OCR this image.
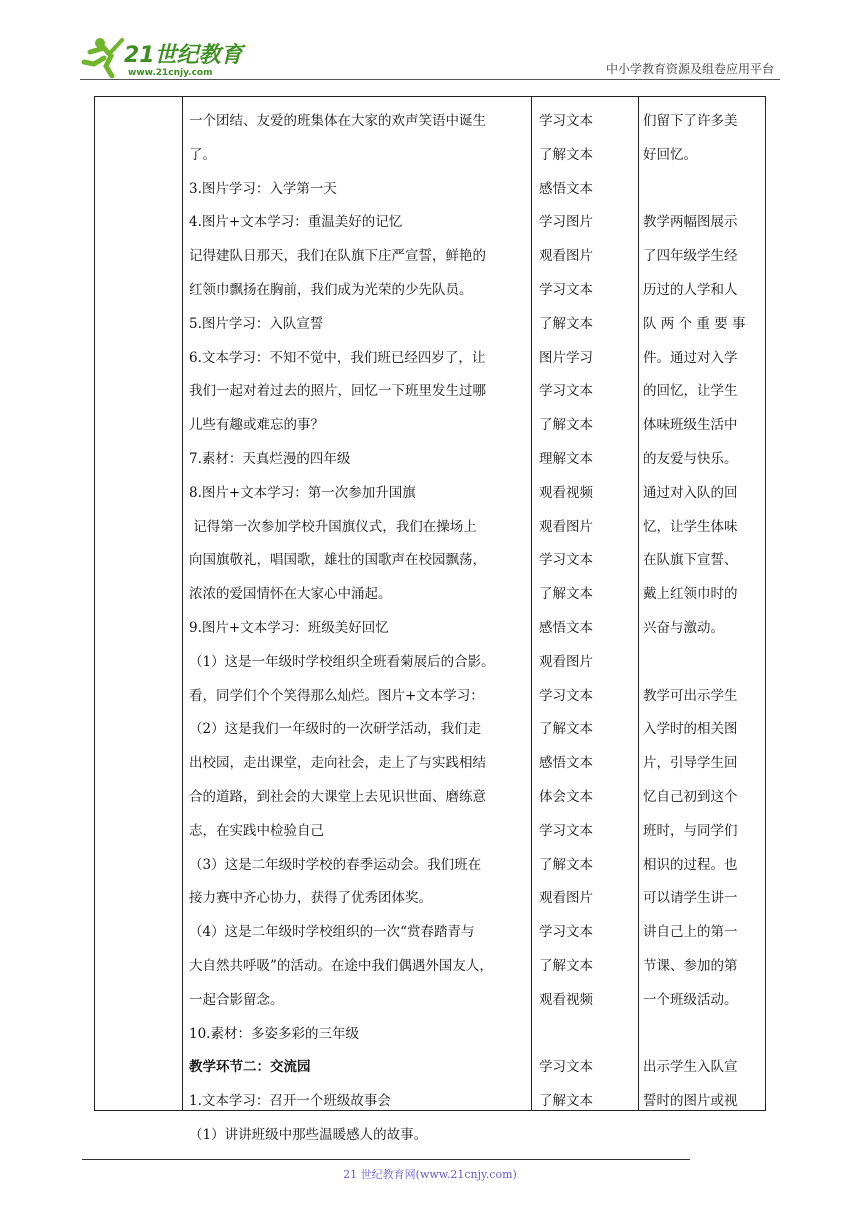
21世纪教育
www.21cnjy.com	中小学教育资源及组卷应用平台
一个团结、友爱的班集体在大家的欢声笑语中诞生
了。
3.图片学习：入学第一天
4.图片+文本学习：重温美好的记忆
记得建队日那天，我们在队旗下庄严宣誓，鲜艳的
红领巾飘扬在胸前，我们成为光荣的少先队员。
5.图片学习：入队宣誓
6.文本学习：不知不觉中，我们班已经四岁了，让
我们一起对着过去的照片，回忆一下班里发生过哪
儿些有趣或难忘的事？
7.素材：天真烂漫的四年级
8.图片+文本学习：第一次参加升国旗
记得第一次参加学校升国旗仪式，我们在操场上
向国旗敬礼，唱国歌，雄壮的国歌声在校园飘荡，
浓浓的爱国情怀在大家心中涌起。
9.图片+文本学习：班级美好回忆
（1）这是一年级时学校组织全班看菊展后的合影。
看，同学们个个笑得那么灿烂。图片+文本学习：
（2）这是我们一年级时的一次研学活动，我们走
出校园，走出课堂，走向社会，走上了与实践相结
合的道路，到社会的大课堂上去见识世面、磨练意
志，在实践中检验自己
（3）这是二年级时学校的春季运动会。我们班在
接力赛中齐心协力，获得了优秀团体奖。
（4）这是二年级时学校组织的一次“赏春踏青与
大自然共呼吸”的活动。在途中我们偶遇外国友人，
一起合影留念。
10.素材：多姿多彩的三年级
教学环节二：交流园
1.文本学习：召开一个班级故事会
（1）讲讲班级中那些温暖感人的故事。
学习文本
了解文本
感悟文本
学习图片
观看图片
学习文本
了解文本
图片学习
学习文本
了解文本
理解文本
观看视频
观看图片
学习文本
了解文本
感悟文本
观看图片
学习文本
了解文本
感悟文本
体会文本
学习文本
了解文本
观看图片
学习文本
了解文本
观看视频
学习文本
了解文本
们留下了许多美
好回忆。
教学两幅图展示
了四年级学生经
历过的人学和人
队 两 个 重 要 事
件。通过对入学
的回忆，让学生
体味班级生活中
的友爱与快乐。
通过对入队的回
忆，让学生体味
在队旗下宣誓、
戴上红领巾时的
兴奋与激动。
教学可出示学生
入学时的相关图
片，引导学生回
忆自己初到这个
班时，与同学们
相识的过程。也
可以请学生讲一
讲自己上的第一
节课、参加的第
一个班级活动。
出示学生入队宣
誓时的图片或视
21 世纪教育网(www.21cnjy.com)
